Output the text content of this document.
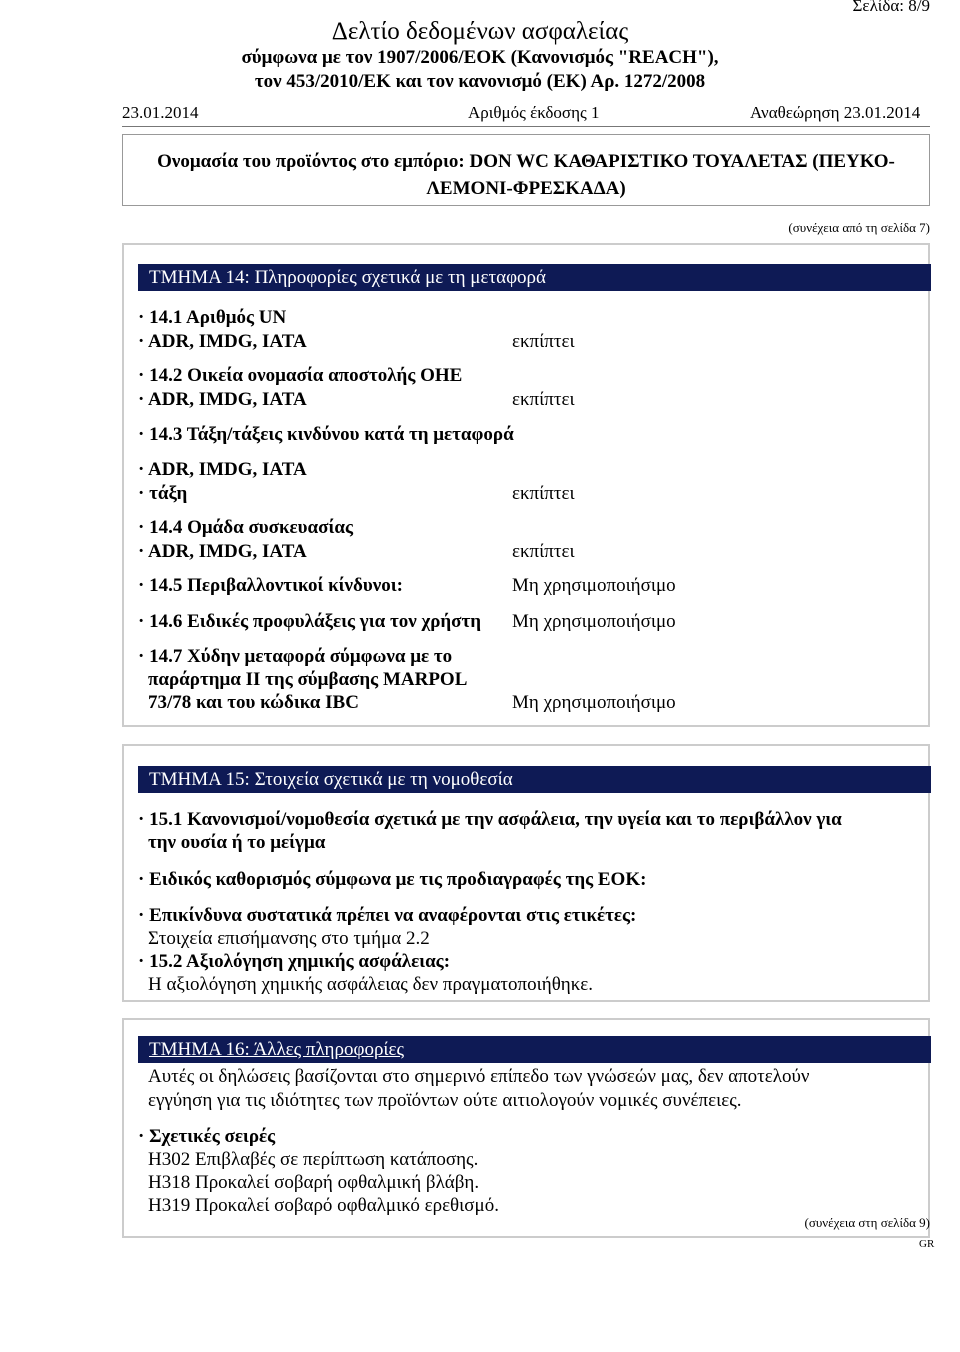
Σελίδα: 8/9
Δελτίο δεδομένων ασφαλείας
σύμφωνα με τον 1907/2006/ΕΟΚ (Κανονισμός "REACH"),
τον 453/2010/ΕΚ και τον κανονισμό (ΕΚ) Αρ. 1272/2008
23.01.2014	Αριθμός έκδοσης 1	Αναθεώρηση 23.01.2014
Ονομασία του προϊόντος στο εμπόριο: DON WC ΚΑΘΑΡΙΣΤΙΚΟ ΤΟΥΑΛΕΤΑΣ (ΠΕΥΚΟ-
ΛΕΜΟΝΙ-ΦΡΕΣΚΑΔΑ)
(συνέχεια από τη σελίδα 7)
ΤΜΗΜΑ 14: Πληροφορίες σχετικά με τη μεταφορά
· 14.1 Αριθμός UN
· ADR, IMDG, IATA	εκπίπτει
· 14.2 Οικεία ονομασία αποστολής ΟΗΕ
· ADR, IMDG, IATA	εκπίπτει
· 14.3 Τάξη/τάξεις κινδύνου κατά τη μεταφορά
· ADR, IMDG, IATA
· τάξη	εκπίπτει
· 14.4 Ομάδα συσκευασίας
· ADR, IMDG, IATA	εκπίπτει
· 14.5 Περιβαλλοντικοί κίνδυνοι:	Μη χρησιμοποιήσιμο
· 14.6 Ειδικές προφυλάξεις για τον χρήστη Μη χρησιμοποιήσιμο
· 14.7 Χύδην μεταφορά σύμφωνα με το
παράρτημα II της σύμβασης MARPOL
73/78 και του κώδικα IBC	Μη χρησιμοποιήσιμο
ΤΜΗΜΑ 15: Στοιχεία σχετικά με τη νομοθεσία
· 15.1 Κανονισμοί/νομοθεσία σχετικά με την ασφάλεια, την υγεία και το περιβάλλον για
την ουσία ή το μείγμα
· Ειδικός καθορισμός σύμφωνα με τις προδιαγραφές της ΕΟΚ:
· Επικίνδυνα συστατικά πρέπει να αναφέρονται στις ετικέτες:
Στοιχεία επισήμανσης στο τμήμα 2.2
· 15.2 Αξιολόγηση χημικής ασφάλειας:
Η αξιολόγηση χημικής ασφάλειας δεν πραγματοποιήθηκε.
ΤΜΗΜΑ 16: Άλλες πληροφορίες
Αυτές οι δηλώσεις βασίζονται στο σημερινό επίπεδο των γνώσεών μας, δεν αποτελούν
εγγύηση για τις ιδιότητες των προϊόντων ούτε αιτιολογούν νομικές συνέπειες.
· Σχετικές σειρές
H302 Επιβλαβές σε περίπτωση κατάποσης.
H318 Προκαλεί σοβαρή οφθαλμική βλάβη.
H319 Προκαλεί σοβαρό οφθαλμικό ερεθισμό.
(συνέχεια στη σελίδα 9)
GR
